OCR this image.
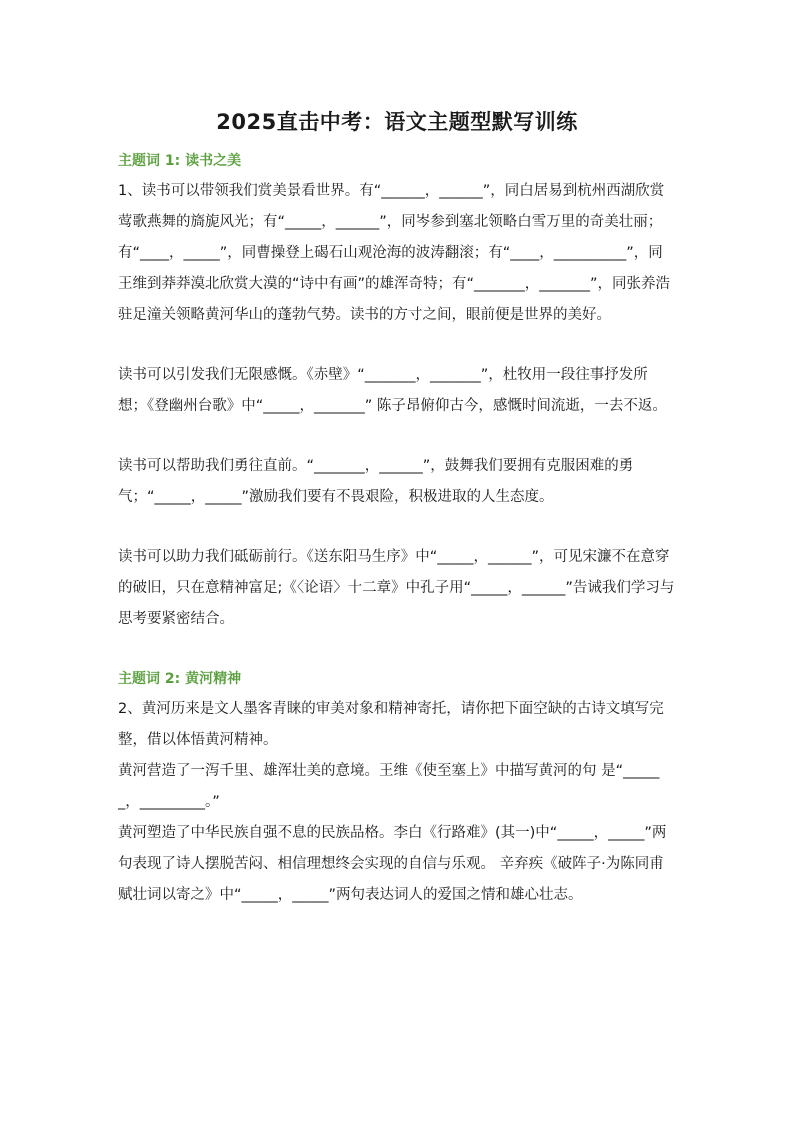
2025直击中考：语文主题型默写训练
主题词 1: 读书之美

1、读书可以带领我们赏美景看世界。有“______，______”，同白居易到杭州西湖欣赏莺歌燕舞的旖旎风光；有“_____，______”，同岑参到塞北领略白雪万里的奇美壮丽；有“____，_____”，同曹操登上碣石山观沧海的波涛翻滚；有“____，__________”，同王维到莽莽漠北欣赏大漠的“诗中有画”的雄浑奇特；有“_______，_______”，同张养浩驻足潼关领略黄河华山的蓬勃气势。读书的方寸之间，眼前便是世界的美好。

读书可以引发我们无限感慨。《赤壁》“_______，_______”，杜牧用一段往事抒发所想；《登幽州台歌》中“_____，_______” 陈子昂俯仰古今，感慨时间流逝，一去不返。

读书可以帮助我们勇往直前。“_______，______”，鼓舞我们要拥有克服困难的勇气；“_____，_____”激励我们要有不畏艰险，积极进取的人生态度。

读书可以助力我们砥砺前行。《送东阳马生序》中“_____，______”，可见宋濂不在意穿的破旧，只在意精神富足;《〈论语〉十二章》中孔子用“_____，______”告诫我们学习与思考要紧密结合。

主题词 2: 黄河精神

2、黄河历来是文人墨客青睐的审美对象和精神寄托，请你把下面空缺的古诗文填写完整，借以体悟黄河精神。

黄河营造了一泻千里、雄浑壮美的意境。王维《使至塞上》中描写黄河的句 是“______，_________。”

黄河塑造了中华民族自强不息的民族品格。李白《行路难》(其一)中“_____，_____”两句表现了诗人摆脱苦闷、相信理想终会实现的自信与乐观。 辛弃疾《破阵子·为陈同甫赋壮词以寄之》中“_____，_____”两句表达词人的爱国之情和雄心壮志。
